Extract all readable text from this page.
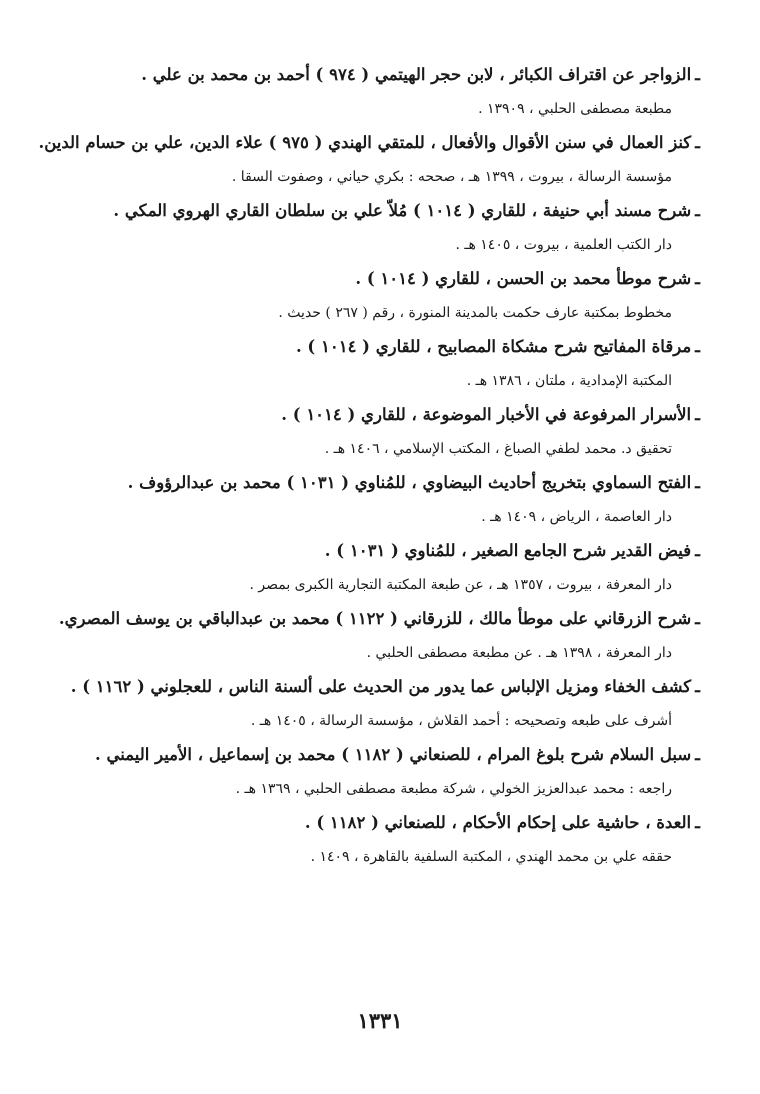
ـالزواجر عن اقتراف الكبائر ، لابن حجر الهيتمي ( ٩٧٤ ) أحمد بن محمد بن علي .
مطبعة مصطفى الحلبي ، ١٣٩٠٩ .
ـكنز العمال في سنن الأقوال والأفعال ، للمتقي الهندي ( ٩٧٥ ) علاء الدين، علي بن حسام الدين.
مؤسسة الرسالة ، بيروت ، ١٣٩٩ هـ ، صححه : بكري حياني ، وصفوت السقا .
ـشرح مسند أبي حنيفة ، للقاري ( ١٠١٤ ) مُلاّ علي بن سلطان القاري الهروي المكي .
دار الكتب العلمية ، بيروت ، ١٤٠٥ هـ .
ـشرح موطأ محمد بن الحسن ، للقاري ( ١٠١٤ ) .
مخطوط بمكتبة عارف حكمت بالمدينة المنورة ، رقم ( ٢٦٧ ) حديث .
ـمرقاة المفاتيح شرح مشكاة المصابيح ، للقاري ( ١٠١٤ ) .
المكتبة الإمدادية ، ملتان ، ١٣٨٦ هـ .
ـالأسرار المرفوعة في الأخبار الموضوعة ، للقاري ( ١٠١٤ ) .
تحقيق د. محمد لطفي الصباغ ، المكتب الإسلامي ، ١٤٠٦ هـ .
ـالفتح السماوي بتخريج أحاديث البيضاوي ، للمُناوي ( ١٠٣١ ) محمد بن عبدالرؤوف .
دار العاصمة ، الرياض ، ١٤٠٩ هـ .
ـفيض القدير شرح الجامع الصغير ، للمُناوي ( ١٠٣١ ) .
دار المعرفة ، بيروت ، ١٣٥٧ هـ ، عن طبعة المكتبة التجارية الكبرى بمصر .
ـشرح الزرقاني على موطأ مالك ، للزرقاني ( ١١٢٢ ) محمد بن عبدالباقي بن يوسف المصري.
دار المعرفة ، ١٣٩٨ هـ . عن مطبعة مصطفى الحلبي .
ـكشف الخفاء ومزيل الإلباس عما يدور من الحديث على ألسنة الناس ، للعجلوني ( ١١٦٢ ) .
أشرف على طبعه وتصحيحه : أحمد القلاش ، مؤسسة الرسالة ، ١٤٠٥ هـ .
ـسبل السلام شرح بلوغ المرام ، للصنعاني ( ١١٨٢ ) محمد بن إسماعيل ، الأمير اليمني .
راجعه : محمد عبدالعزيز الخولي ، شركة مطبعة مصطفى الحلبي ، ١٣٦٩ هـ .
ـالعدة ، حاشية على إحكام الأحكام ، للصنعاني ( ١١٨٢ ) .
حققه علي بن محمد الهندي ، المكتبة السلفية بالقاهرة ، ١٤٠٩ .
١٣٣١
